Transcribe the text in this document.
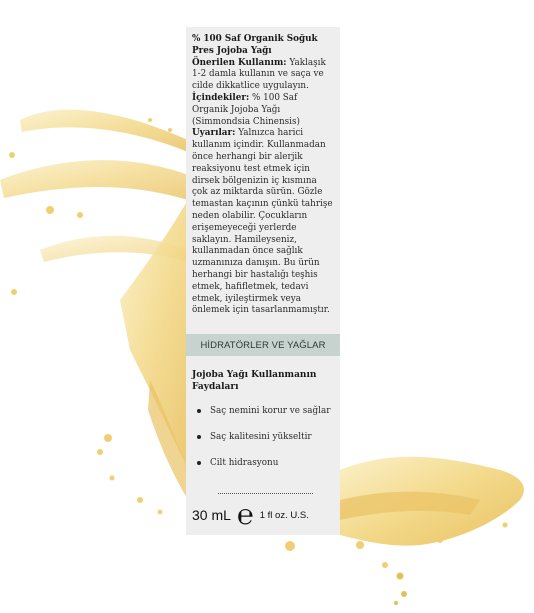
% 100 Saf Organik Soğuk Pres Jojoba Yağı

Önerilen Kullanım: Yaklaşık 1-2 damla kullanın ve saça ve cilde dikkatlice uygulayın.

İçindekiler: % 100 Saf Organik Jojoba Yağı (Simmondsia Chinensis)

Uyarılar: Yalnızca harici kullanım içindir. Kullanmadan önce herhangi bir alerjik reaksiyonu test etmek için dirsek bölgenizin iç kısmına çok az miktarda sürün. Gözle temastan kaçının çünkü tahrişe neden olabilir. Çocukların erişemeyeceği yerlerde saklayın. Hamileyseniz, kullanmadan önce sağlık uzmanınıza danışın. Bu ürün herhangi bir hastalığı teşhis etmek, hafifletmek, tedavi etmek, iyileştirmek veya önlemek için tasarlanmamıştır.

HİDRATÖRLER VE YAĞLAR
Jojoba Yağı Kullanmanın Faydaları
Saç nemini korur ve sağlar
Saç kalitesini yükseltir
Cilt hidrasyonu
30 mL ℮ 1 fl oz. U.S.
